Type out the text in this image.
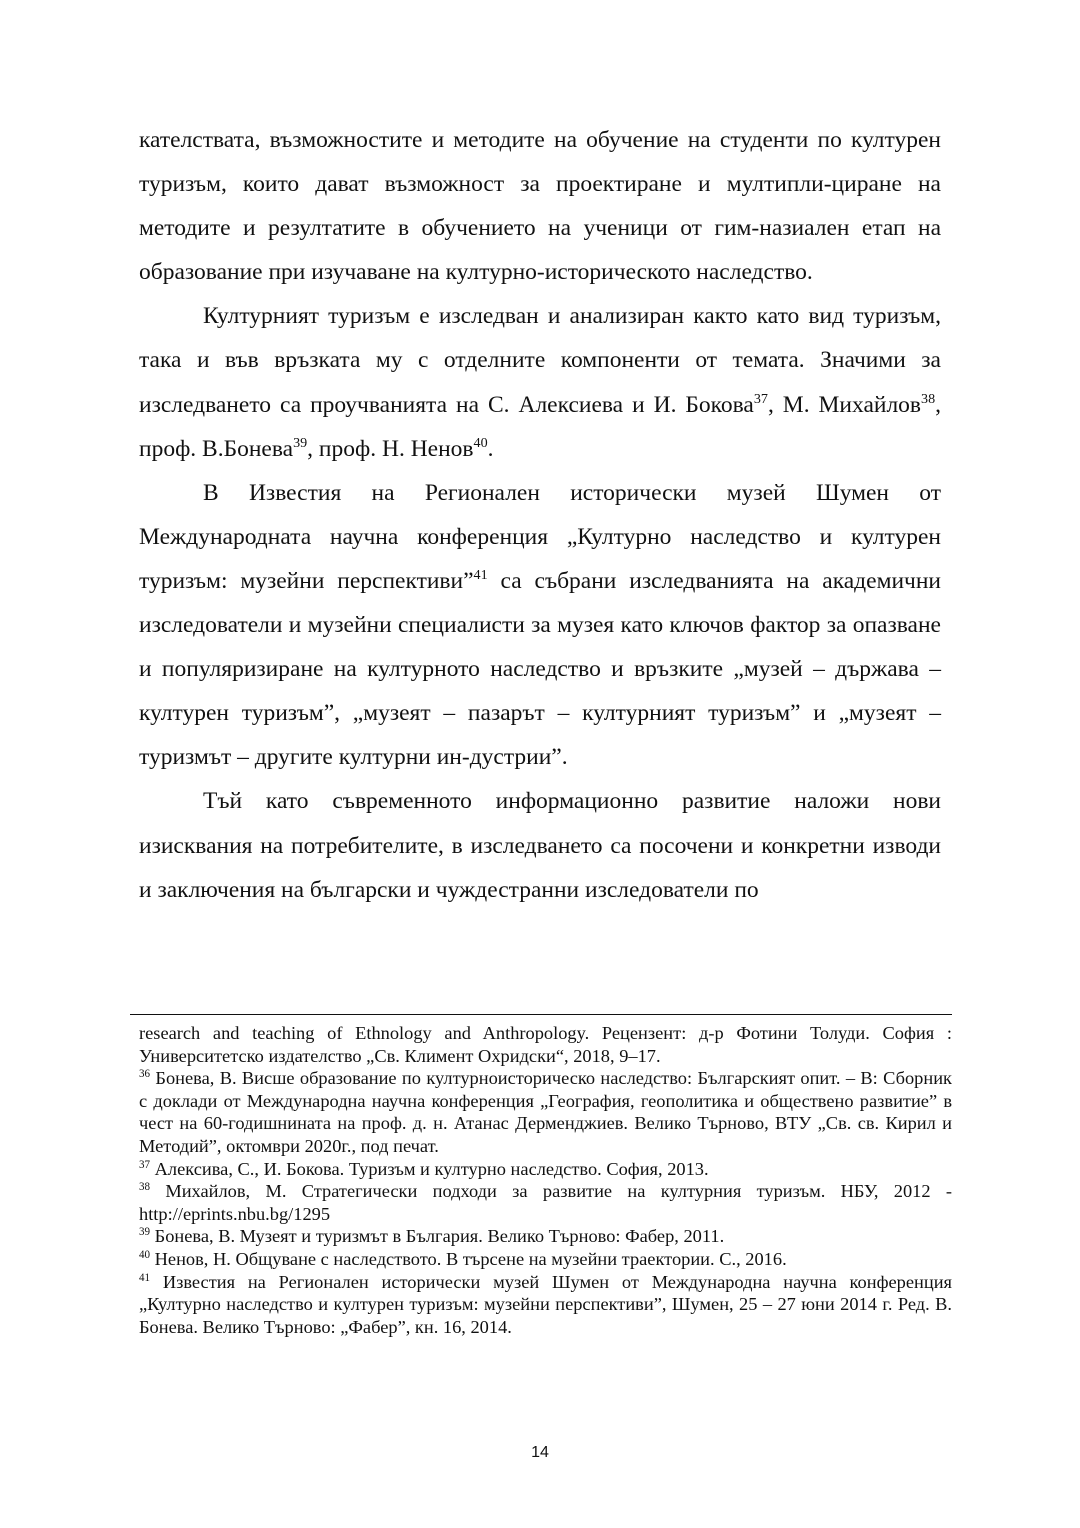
кателствата, възможностите и методите на обучение на студенти по културен туризъм, които дават възможност за проектиране и мултипли-циране на методите и резултатите в обучението на ученици от гим-назиален етап на образование при изучаване на културно-историческото наследство.

Културният туризъм е изследван и анализиран както като вид туризъм, така и във връзката му с отделните компоненти от темата. Значими за изследването са проучванията на С. Алексиева и И. Бокова$^{37}$, М. Михайлов$^{38}$, проф. В.Бонева$^{39}$, проф. Н. Ненов$^{40}$.

В Известия на Регионален исторически музей Шумен от Международната научна конференция „Културно наследство и културен туризъм: музейни перспективи”$^{41}$ са събрани изследванията на академични изследователи и музейни специалисти за музея като ключов фактор за опазване и популяризиране на културното наследство и връзките „музей – държава – културен туризъм”, „музеят – пазарът – културният туризъм” и „музеят – туризмът – другите културни ин-дустрии”.

Тъй като съвременното информационно развитие наложи нови изисквания на потребителите, в изследването са посочени и конкретни изводи и заключения на български и чуждестранни изследователи по

research and teaching of Ethnology and Anthropology. Рецензент: д-р Фотини Толуди. София : Университетско издателство „Св. Климент Охридски“, 2018, 9–17.

$^{36}$ Бонева, В. Висше образование по културноисторическо наследство: Българският опит. – В: Сборник с доклади от Международна научна конференция „География, геополитика и обществено развитие” в чест на 60-годишнината на проф. д. н. Атанас Дерменджиев. Велико Търново, ВТУ „Св. св. Кирил и Методий”, октомври 2020г., под печат.

$^{37}$ Алексива, С., И. Бокова. Туризъм и културно наследство. София, 2013.

$^{38}$ Михайлов, М. Стратегически подходи за развитие на културния туризъм. НБУ, 2012 - http://eprints.nbu.bg/1295

$^{39}$ Бонева, В. Музеят и туризмът в България. Велико Търново: Фабер, 2011.

$^{40}$ Ненов, Н. Общуване с наследството. В търсене на музейни траектории. С., 2016.

$^{41}$ Известия на Регионален исторически музей Шумен от Международна научна конференция „Културно наследство и културен туризъм: музейни перспективи”, Шумен, 25 – 27 юни 2014 г. Ред. В. Бонева. Велико Търново: „Фабер”, кн. 16, 2014.

14
